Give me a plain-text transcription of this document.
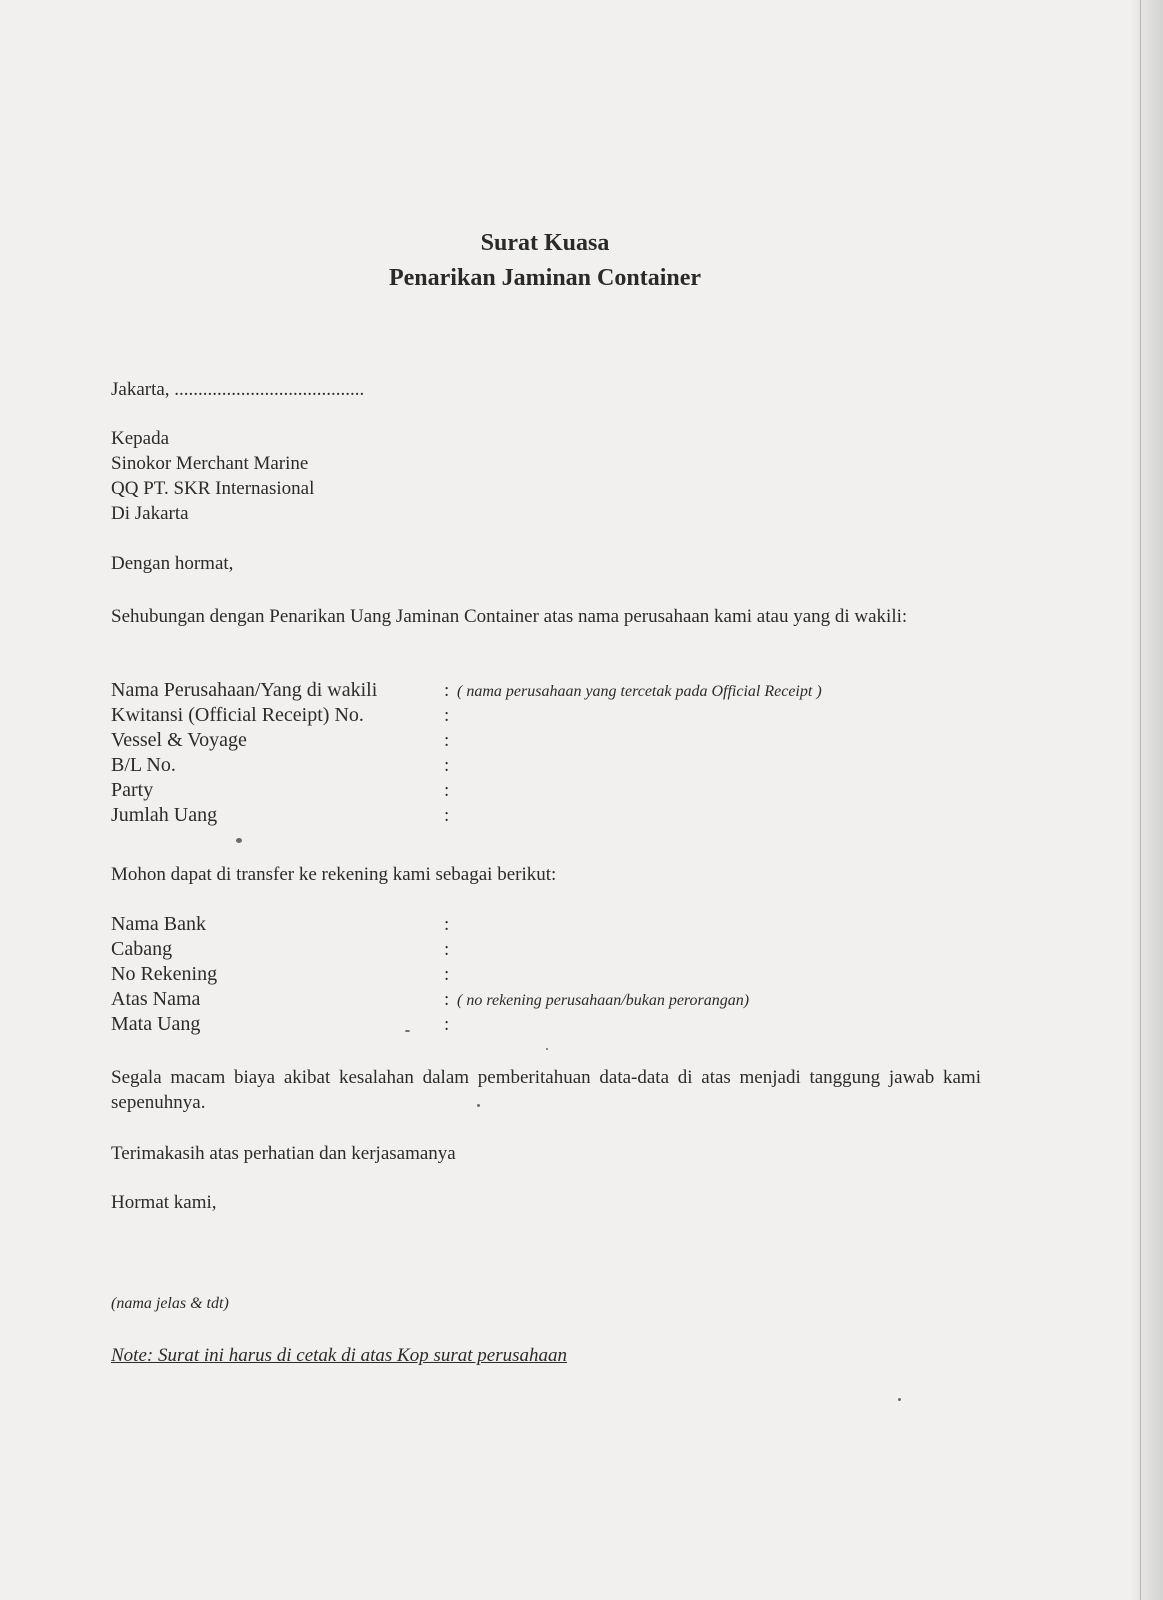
Surat Kuasa
Penarikan Jaminan Container
Jakarta, ........................................
Kepada
Sinokor Merchant Marine
QQ PT. SKR Internasional
Di Jakarta
Dengan hormat,
Sehubungan dengan Penarikan Uang Jaminan Container atas nama perusahaan kami atau yang di wakili:
Nama Perusahaan/Yang di wakili	: ( nama perusahaan yang tercetak pada Official Receipt )
Kwitansi (Official Receipt) No.	:
Vessel & Voyage	:
B/L No.	:
Party	:
Jumlah Uang	:
Mohon dapat di transfer ke rekening kami sebagai berikut:
Nama Bank	:
Cabang	:
No Rekening	:
Atas Nama	: ( no rekening perusahaan/bukan perorangan)
Mata Uang	:
Segala macam biaya akibat kesalahan dalam pemberitahuan data-data di atas menjadi tanggung jawab kami sepenuhnya.
Terimakasih atas perhatian dan kerjasamanya
Hormat kami,
(nama jelas & tdt)
Note: Surat ini harus di cetak di atas Kop surat perusahaan
